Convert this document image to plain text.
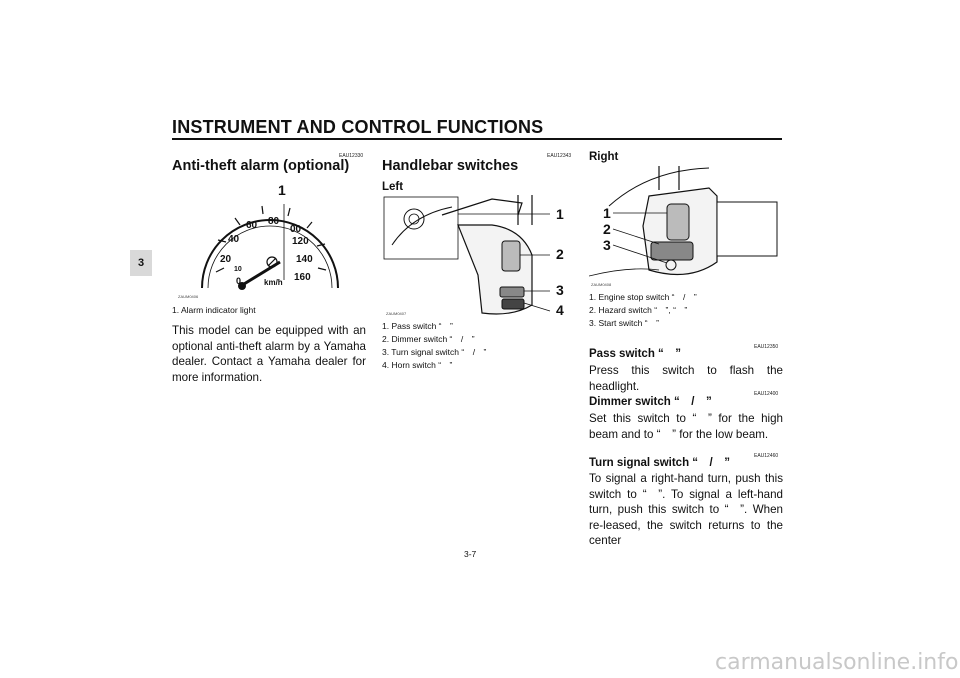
INSTRUMENT AND CONTROL FUNCTIONS
3
EAU12330
Anti-theft alarm (optional)
1
20
40
60 80
00
120
140
160
0
10
km/h
ZAUM0406
1. Alarm indicator light
This model can be equipped with an optional anti-theft alarm by a Yamaha dealer. Contact a Yamaha dealer for more information.
EAU12343
Handlebar switches
Left
1
2
3
4
ZAUM0407
1. Pass switch “ ”
2. Dimmer switch “ / ”
3. Turn signal switch “ / ”
4. Horn switch “ ”
Right
1
2
3
ZAUM0408
1. Engine stop switch “ / ”
2. Hazard switch “ ”, “ ”
3. Start switch “ ”
EAU12350
Pass switch “ ”
Press this switch to flash the headlight.
EAU12400
Dimmer switch “ / ”
Set this switch to “ ” for the high beam and to “ ” for the low beam.
EAU12460
Turn signal switch “ / ”
To signal a right-hand turn, push this switch to “ ”. To signal a left-hand turn, push this switch to “ ”. When re-leased, the switch returns to the center
3-7
carmanualsonline.info
